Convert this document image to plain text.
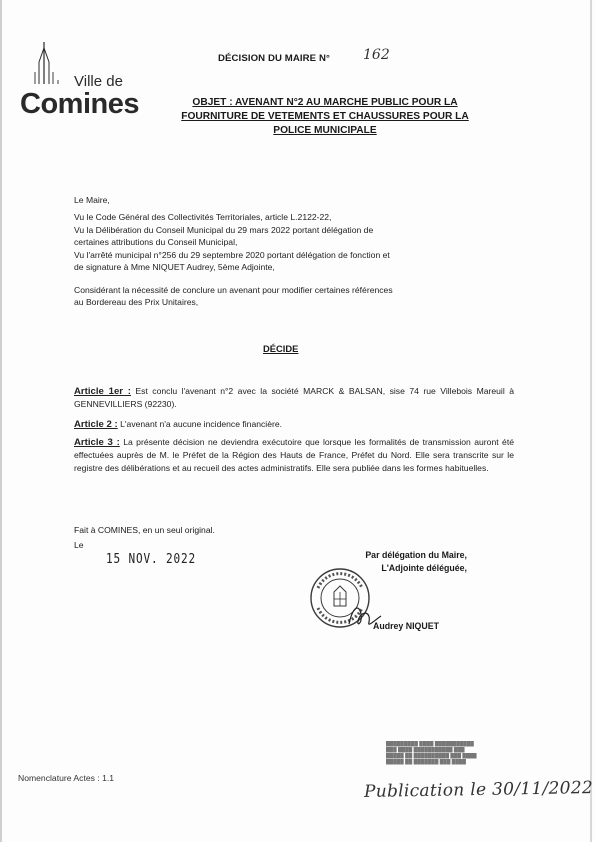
Ville de
Comines
DÉCISION DU MAIRE N° 162
OBJET : AVENANT N°2 AU MARCHE PUBLIC POUR LA
FOURNITURE DE VETEMENTS ET CHAUSSURES POUR LA
POLICE MUNICIPALE
Le Maire,
Vu le Code Général des Collectivités Territoriales, article L.2122-22,
Vu la Délibération du Conseil Municipal du 29 mars 2022 portant délégation de
certaines attributions du Conseil Municipal,
Vu l'arrêté municipal n°256 du 29 septembre 2020 portant délégation de fonction et
de signature à Mme NIQUET Audrey, 5ème Adjointe,
Considérant la nécessité de conclure un avenant pour modifier certaines références
au Bordereau des Prix Unitaires,
DÉCIDE
Article 1er : Est conclu l'avenant n°2 avec la société MARCK & BALSAN, sise 74 rue Villebois Mareuil à GENNEVILLIERS (92230).
Article 2 : L'avenant n'a aucune incidence financière.
Article 3 : La présente décision ne deviendra exécutoire que lorsque les formalités de transmission auront été effectuées auprès de M. le Préfet de la Région des Hauts de France, Préfet du Nord. Elle sera transcrite sur le registre des délibérations et au recueil des actes administratifs. Elle sera publiée dans les formes habituelles.
Fait à COMINES, en un seul original.
Le
15 NOV. 2022	Par délégation du Maire,
L'Adjointe déléguée,
Audrey NIQUET
█████████ ████ ███████████
███ ████ ███████████ ███
█████ ██ ██████████ ███ ████
█████ ██ ███████ ███ ████
Nomenclature Actes : 1.1
Publication le 30/11/2022
